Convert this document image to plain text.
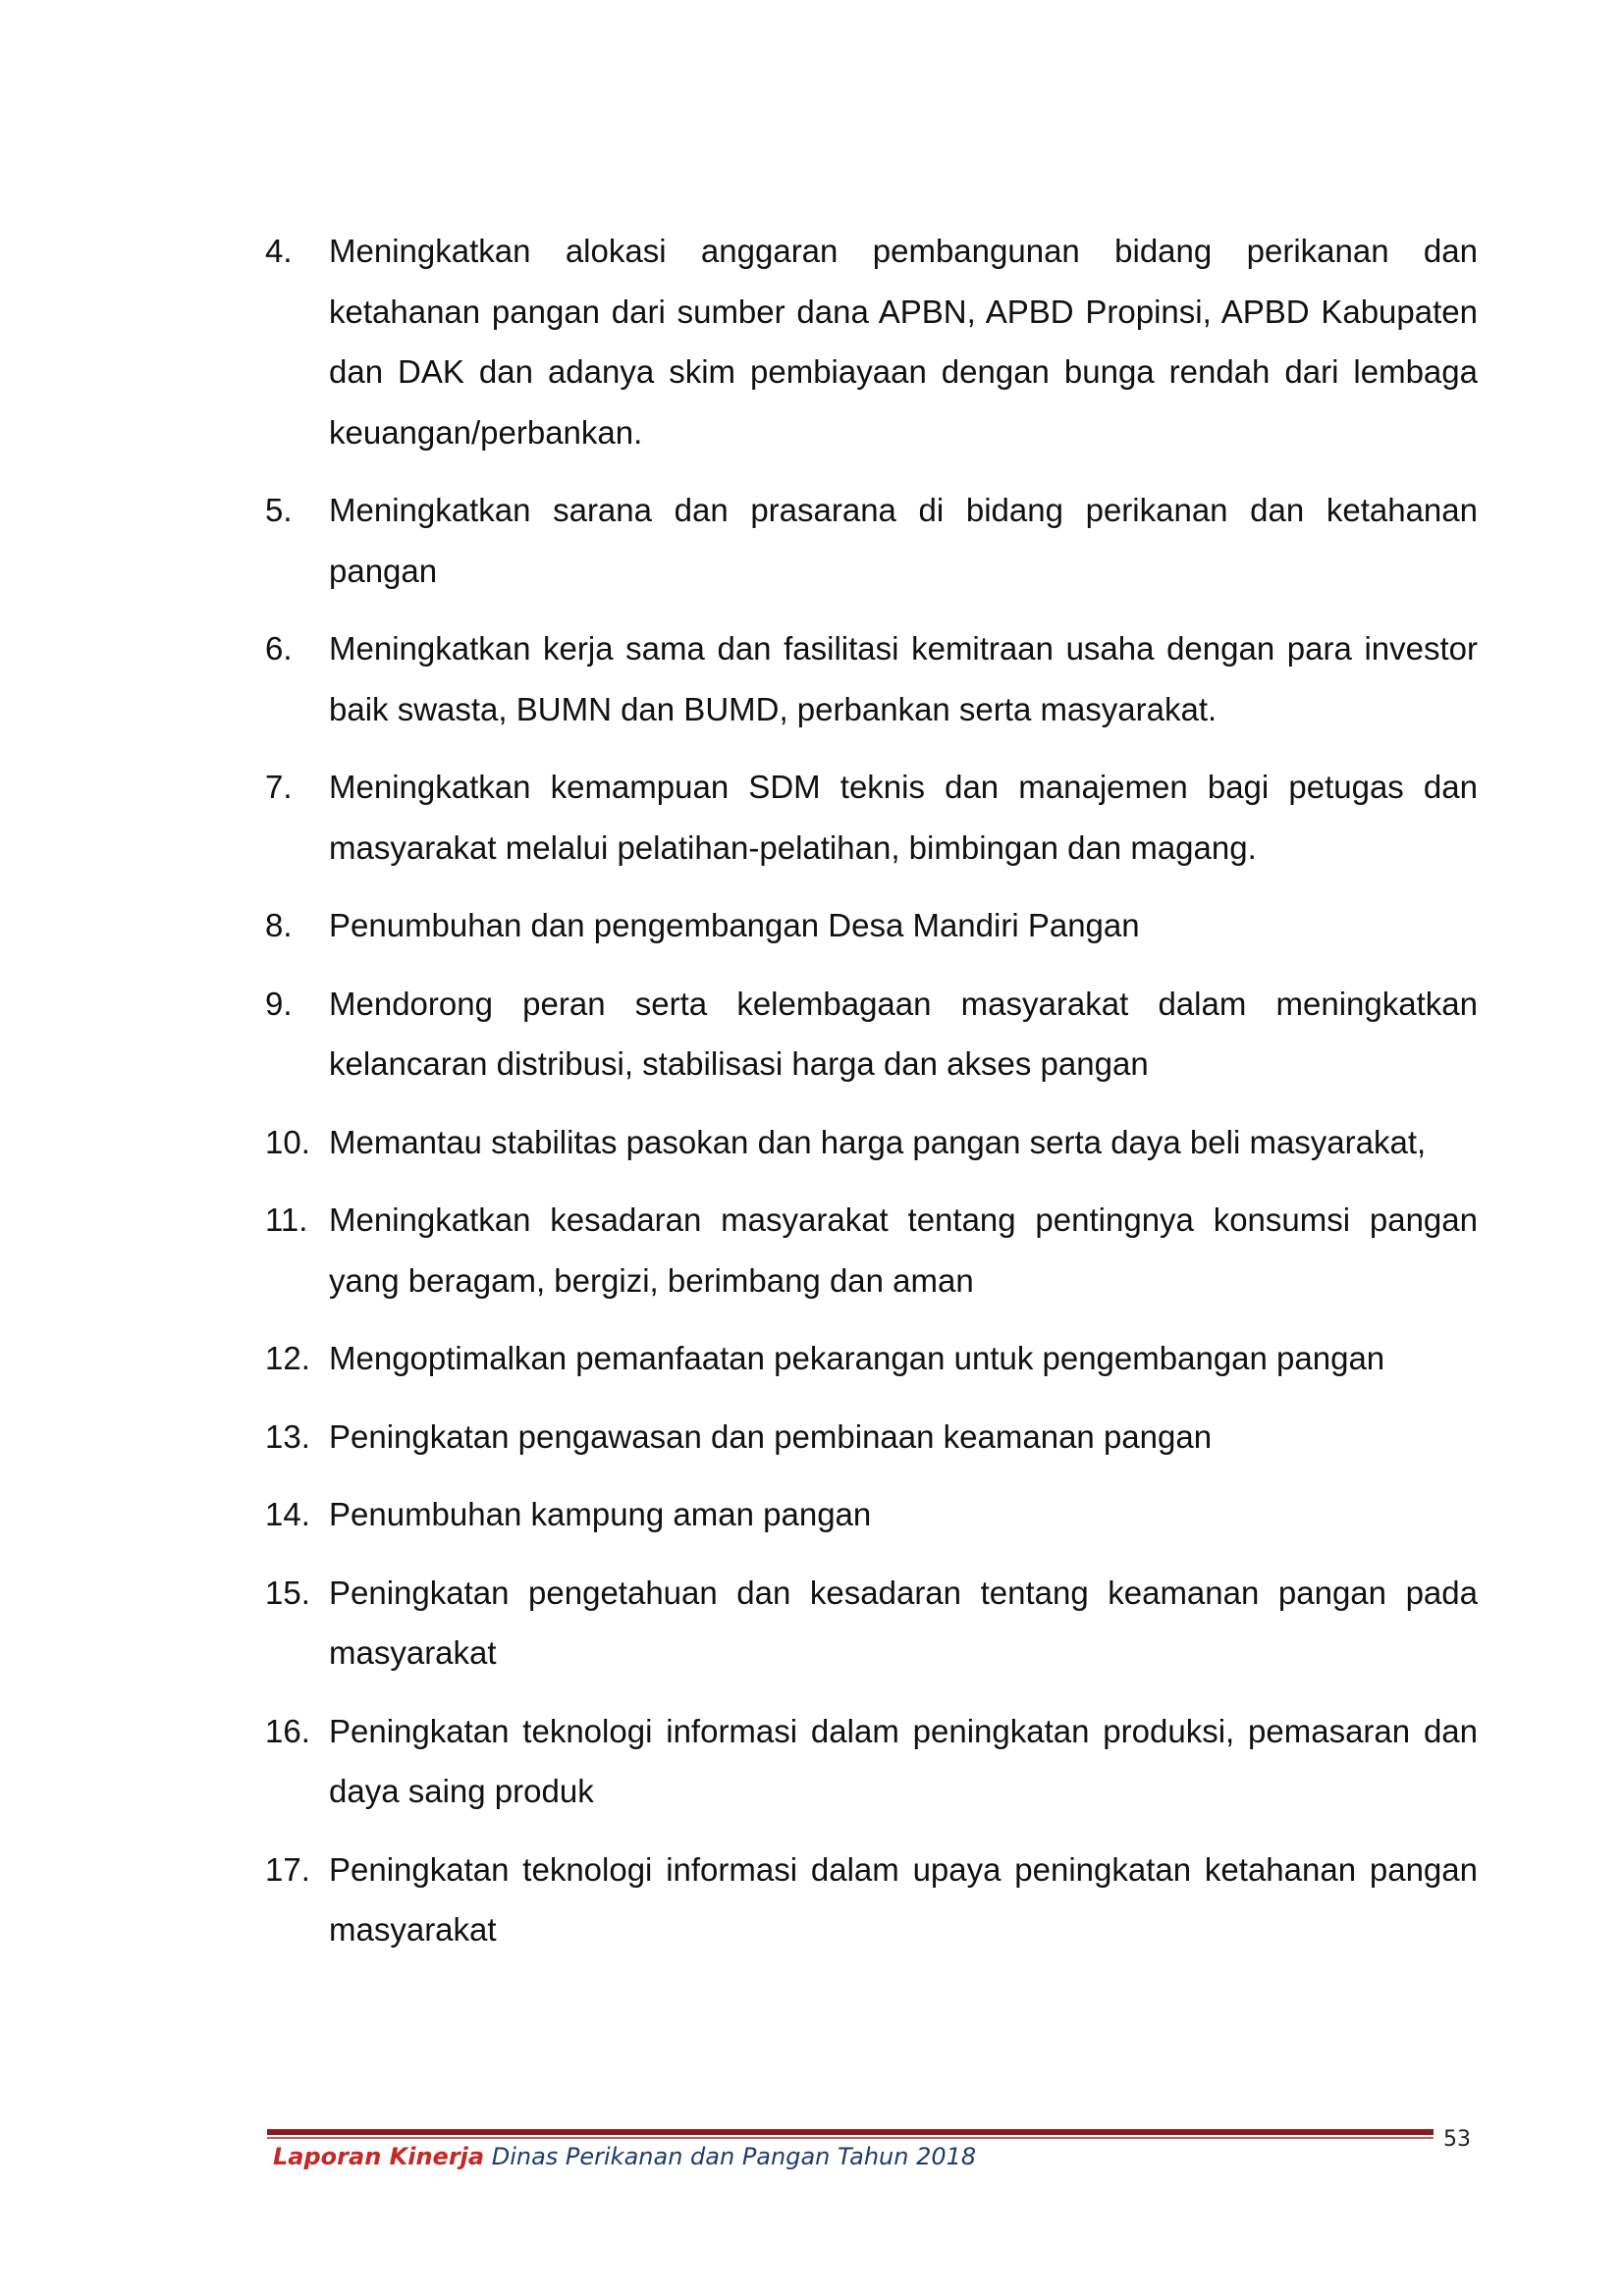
4.	Meningkatkan alokasi anggaran pembangunan bidang perikanan dan ketahanan pangan dari sumber dana APBN, APBD Propinsi, APBD Kabupaten dan DAK dan adanya skim pembiayaan dengan bunga rendah dari lembaga keuangan/perbankan.
5.	Meningkatkan sarana dan prasarana di bidang perikanan dan ketahanan pangan
6.	Meningkatkan kerja sama dan fasilitasi kemitraan usaha dengan para investor baik swasta, BUMN dan BUMD, perbankan serta masyarakat.
7.	Meningkatkan kemampuan SDM teknis dan manajemen bagi petugas dan masyarakat melalui pelatihan-pelatihan, bimbingan dan magang.
8.	Penumbuhan dan pengembangan Desa Mandiri Pangan
9.	Mendorong peran serta kelembagaan masyarakat dalam meningkatkan kelancaran distribusi, stabilisasi harga dan akses pangan
10. Memantau stabilitas pasokan dan harga pangan serta daya beli masyarakat,
11. Meningkatkan kesadaran masyarakat tentang pentingnya konsumsi pangan yang beragam, bergizi, berimbang dan aman
12. Mengoptimalkan pemanfaatan pekarangan untuk pengembangan pangan
13. Peningkatan pengawasan dan pembinaan keamanan pangan
14. Penumbuhan kampung aman pangan
15. Peningkatan pengetahuan dan kesadaran tentang keamanan pangan pada masyarakat
16. Peningkatan teknologi informasi dalam peningkatan produksi, pemasaran dan daya saing produk
17. Peningkatan teknologi informasi dalam upaya peningkatan ketahanan pangan masyarakat
Laporan Kinerja Dinas Perikanan dan Pangan Tahun 2018
53
